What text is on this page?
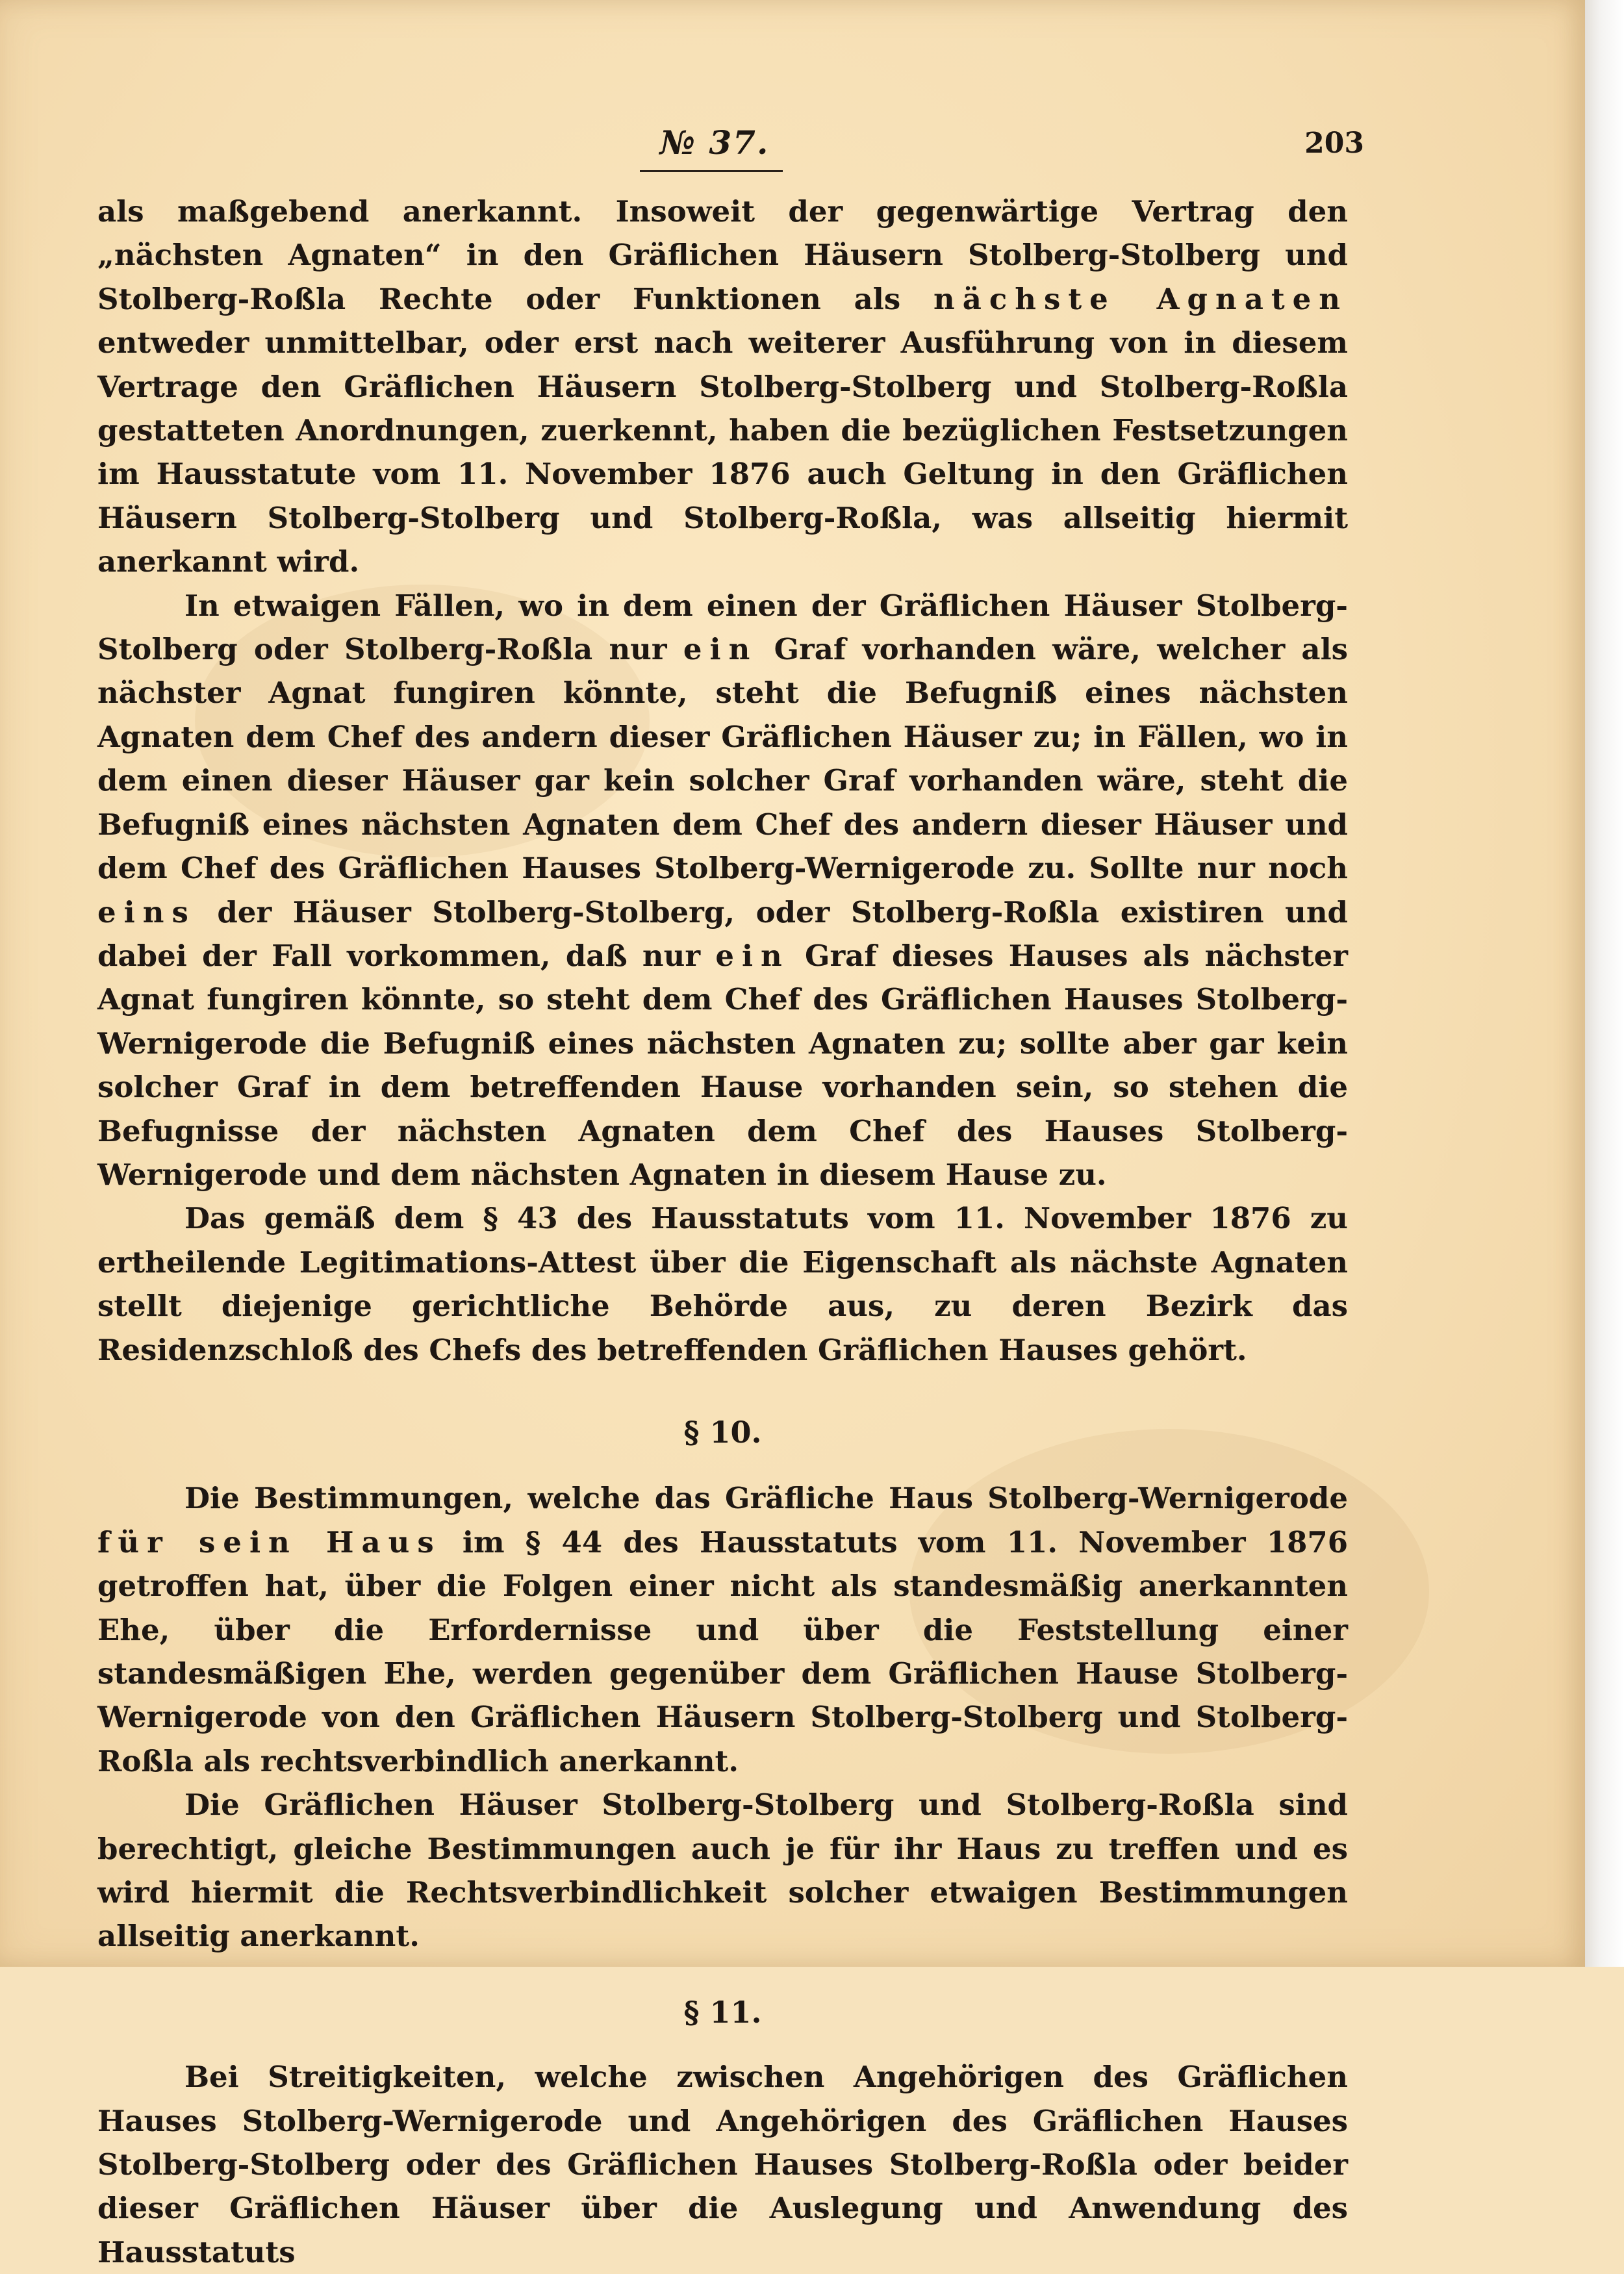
№ 37.	203

als maßgebend anerkannt. Insoweit der gegenwärtige Vertrag den „nächsten Agnaten“ in den Gräflichen Häusern Stolberg-Stolberg und Stolberg-Roßla Rechte oder Funktionen als nächste Agnaten entweder unmittelbar, oder erst nach weiterer Ausführung von in diesem Vertrage den Gräflichen Häusern Stolberg-Stolberg und Stolberg-Roßla gestatteten Anordnungen, zuerkennt, haben die bezüglichen Festsetzungen im Hausstatute vom 11. November 1876 auch Geltung in den Gräflichen Häusern Stolberg-Stolberg und Stolberg-Roßla, was allseitig hiermit anerkannt wird.

In etwaigen Fällen, wo in dem einen der Gräflichen Häuser Stolberg-Stolberg oder Stolberg-Roßla nur ein Graf vorhanden wäre, welcher als nächster Agnat fungiren könnte, steht die Befugniß eines nächsten Agnaten dem Chef des andern dieser Gräflichen Häuser zu; in Fällen, wo in dem einen dieser Häuser gar kein solcher Graf vorhanden wäre, steht die Befugniß eines nächsten Agnaten dem Chef des andern dieser Häuser und dem Chef des Gräflichen Hauses Stolberg-Wernigerode zu. Sollte nur noch eins der Häuser Stolberg-Stolberg, oder Stolberg-Roßla existiren und dabei der Fall vorkommen, daß nur ein Graf dieses Hauses als nächster Agnat fungiren könnte, so steht dem Chef des Gräflichen Hauses Stolberg-Wernigerode die Befugniß eines nächsten Agnaten zu; sollte aber gar kein solcher Graf in dem betreffenden Hause vorhanden sein, so stehen die Befugnisse der nächsten Agnaten dem Chef des Hauses Stolberg-Wernigerode und dem nächsten Agnaten in diesem Hause zu.

Das gemäß dem § 43 des Hausstatuts vom 11. November 1876 zu ertheilende Legitimations-Attest über die Eigenschaft als nächste Agnaten stellt diejenige gerichtliche Behörde aus, zu deren Bezirk das Residenzschloß des Chefs des betreffenden Gräflichen Hauses gehört.

§ 10.

Die Bestimmungen, welche das Gräfliche Haus Stolberg-Wernigerode für sein Haus im § 44 des Hausstatuts vom 11. November 1876 getroffen hat, über die Folgen einer nicht als standesmäßig anerkannten Ehe, über die Erfordernisse und über die Feststellung einer standesmäßigen Ehe, werden gegenüber dem Gräflichen Hause Stolberg-Wernigerode von den Gräflichen Häusern Stolberg-Stolberg und Stolberg-Roßla als rechtsverbindlich anerkannt.

Die Gräflichen Häuser Stolberg-Stolberg und Stolberg-Roßla sind berechtigt, gleiche Bestimmungen auch je für ihr Haus zu treffen und es wird hiermit die Rechtsverbindlichkeit solcher etwaigen Bestimmungen allseitig anerkannt.

§ 11.

Bei Streitigkeiten, welche zwischen Angehörigen des Gräflichen Hauses Stolberg-Wernigerode und Angehörigen des Gräflichen Hauses Stolberg-Stolberg oder des Gräflichen Hauses Stolberg-Roßla oder beider dieser Gräflichen Häuser über die Auslegung und Anwendung des Hausstatuts
